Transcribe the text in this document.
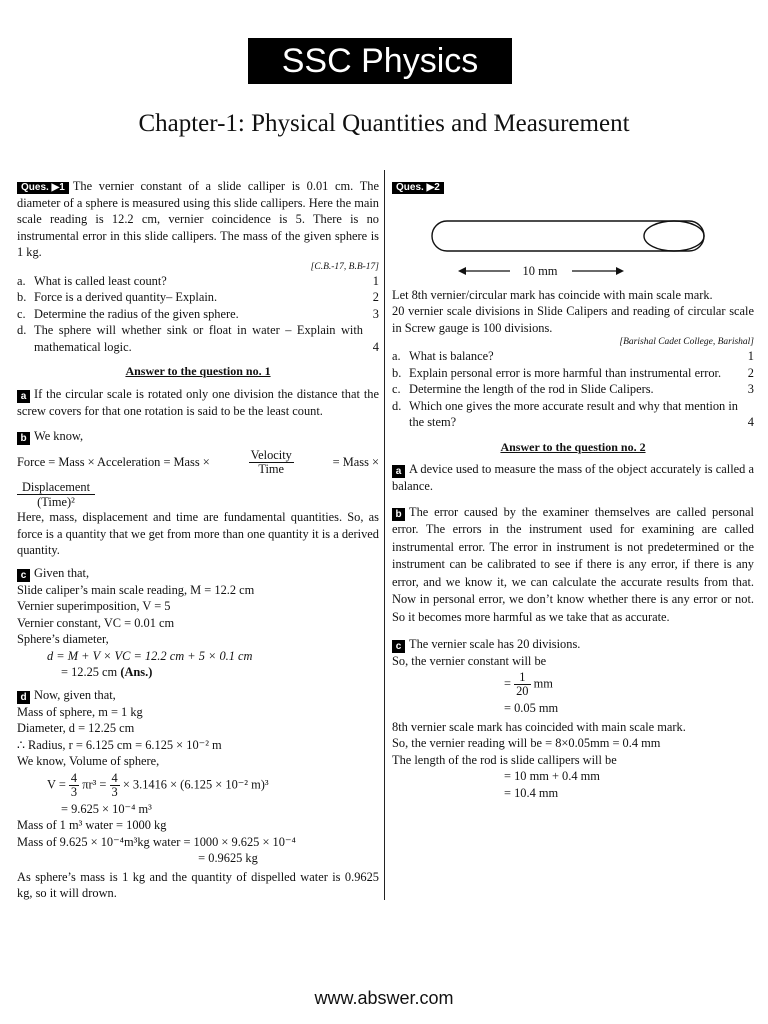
SSC Physics
Chapter-1: Physical Quantities and Measurement
Ques. ▶1 The vernier constant of a slide calliper is 0.01 cm. The diameter of a sphere is measured using this slide callipers. Here the main scale reading is 12.2 cm, vernier coincidence is 5. There is no instrumental error in this slide callipers. The mass of the given sphere is 1 kg.
[C.B.-17, B.B-17]
a. What is called least count?	1
b. Force is a derived quantity– Explain.	2
c. Determine the radius of the given sphere.	3
d. The sphere will whether sink or float in water – Explain with mathematical logic.	4
Answer to the question no. 1
a If the circular scale is rotated only one division the distance that the screw covers for that one rotation is said to be the least count.
b We know,
Force = Mass × Acceleration = Mass ×	$\frac{\text{Velocity}}{\text{Time}}$	= Mass ×
Displacement
(Time)²
Here, mass, displacement and time are fundamental quantities. So, as force is a quantity that we get from more than one quantity it is a derived quantity.
c Given that,
Slide caliper’s main scale reading, M = 12.2 cm
Vernier superimposition, V = 5
Vernier constant, VC = 0.01 cm
Sphere’s diameter,
d = M + V × VC = 12.2 cm + 5 × 0.1 cm
= 12.25 cm (Ans.)
d Now, given that,
Mass of sphere, m = 1 kg
Diameter, d = 12.25 cm
∴ Radius, r = 6.125 cm = 6.125 × 10⁻² m
We know, Volume of sphere,
$V = \frac{4}{3} \pi r^3 = \frac{4}{3} \times 3.1416 \times (6.125 \times 10^{-2}$ m)³
= 9.625 × 10⁻⁴ m³
Mass of 1 m³ water = 1000 kg
Mass of 9.625 × 10⁻⁴m³kg water = 1000 × 9.625 × 10⁻⁴
= 0.9625 kg
As sphere’s mass is 1 kg and the quantity of dispelled water is 0.9625 kg, so it will drown.
Ques. ▶2
10 mm
Let 8th vernier/circular mark has coincide with main scale mark.
20 vernier scale divisions in Slide Calipers and reading of circular scale in Screw gauge is 100 divisions.
[Barishal Cadet College, Barishal]
a. What is balance?	1
b. Explain personal error is more harmful than instrumental error.	2
c. Determine the length of the rod in Slide Calipers.	3
d. Which one gives the more accurate result and why that mention in the stem?	4
Answer to the question no. 2
a A device used to measure the mass of the object accurately is called a balance.
b The error caused by the examiner themselves are called personal error. The errors in the instrument used for examining are called instrumental error. The error in instrument is not predetermined or the instrument can be calibrated to see if there is any error, if there is any error, and we know it, we can calculate the accurate results from that. Now in personal error, we don’t know whether there is any error or not. So it becomes more harmful as we take that as accurate.
c The vernier scale has 20 divisions.
So, the vernier constant will be
= $\frac{1}{20}$ mm
= 0.05 mm
8th vernier scale mark has coincided with main scale mark.
So, the vernier reading will be = 8×0.05mm = 0.4 mm
The length of the rod is slide callipers will be
= 10 mm + 0.4 mm
= 10.4 mm
www.abswer.com
